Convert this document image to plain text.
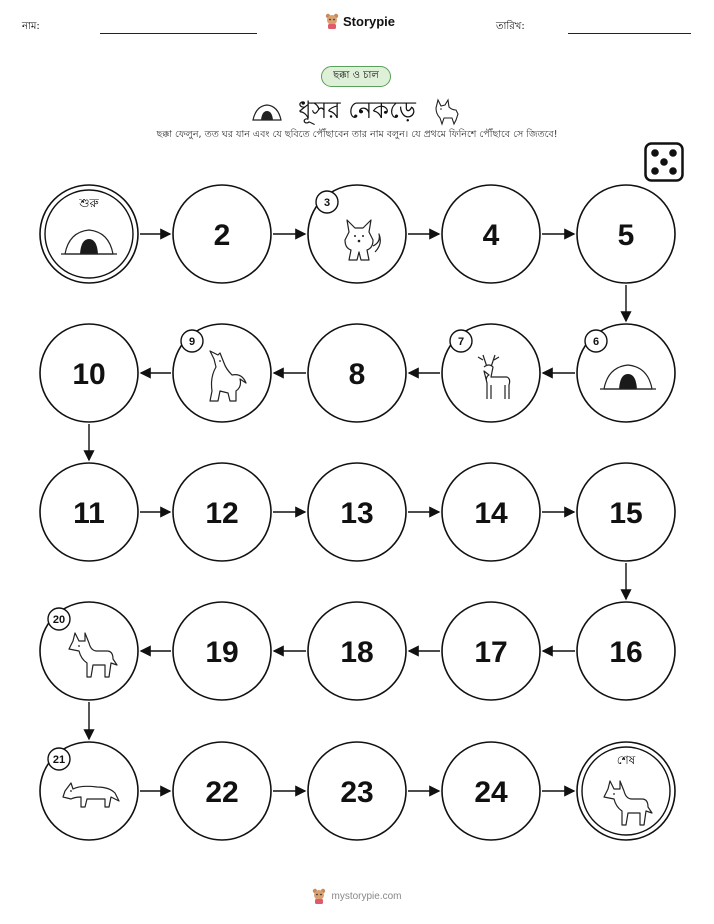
নাম:	Storypie	তারিখ:
ছক্কা ও চাল
ধূসর নেকড়ে
ছক্কা ফেলুন, তত ঘর যান এবং যে ছবিতে পৌঁছাবেন তার নাম বলুন। যে প্রথমে ফিনিশে পৌঁছাবে সে জিতবে!
শুরু
2
3
4	5
6
7
8
9
10
11	12	13	14	15
16
17
18
19
20
21
22	23	24
শেষ
mystorypie.com
